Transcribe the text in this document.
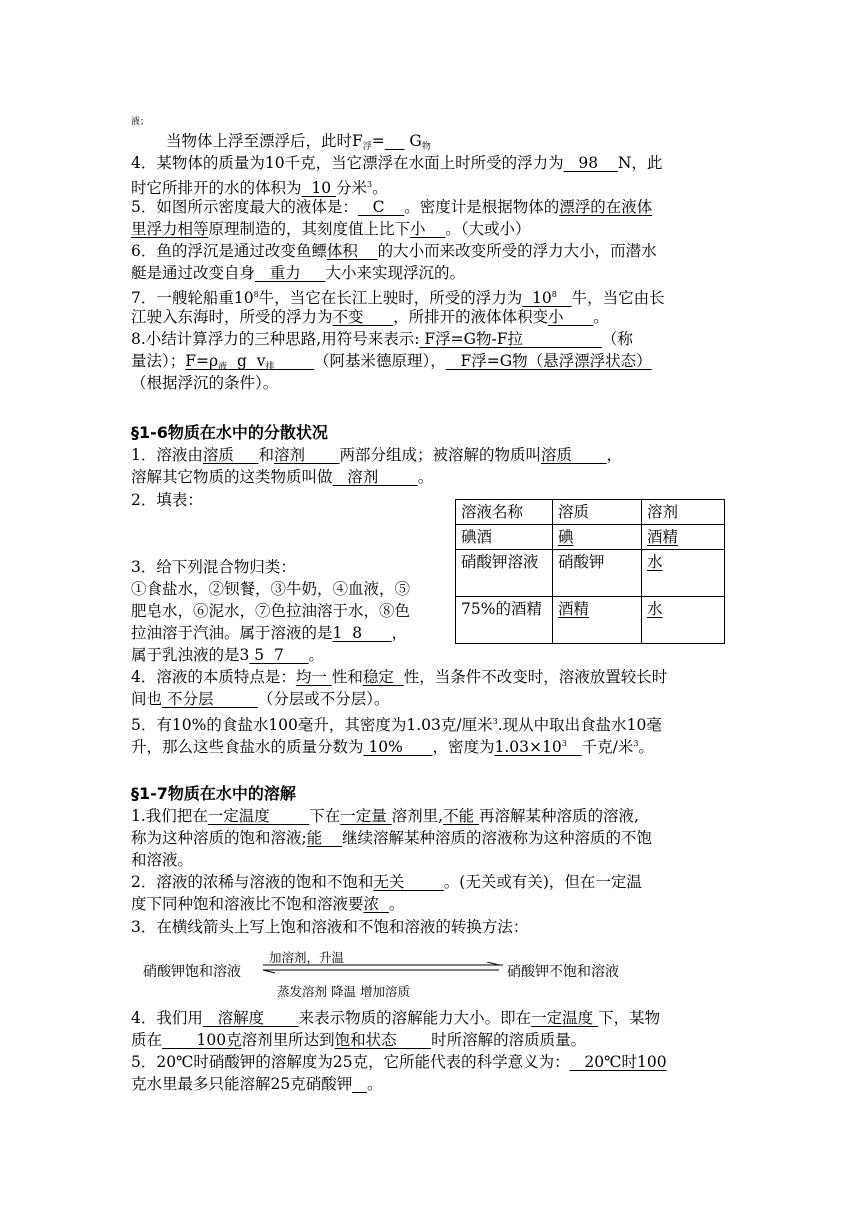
液；
当物体上浮至漂浮后，此时$F_浮=$     $G_物$
4．某物体的质量为10千克，当它漂浮在水面上时所受的浮力为   98    N，此
时它所排开的水的体积为  10 分米$^3$。
5．如图所示密度最大的液体是：   C    。密度计是根据物体的漂浮的在液体
里浮力相等原理制造的，其刻度值上比下小    。（大或小）
6．鱼的浮沉是通过改变鱼鳔体积    的大小而来改变所受的浮力大小，而潜水
艇是通过改变自身   重力     大小来实现浮沉的。
7．一艘轮船重$10^8$牛，当它在长江上驶时，所受的浮力为  $10^8$ 牛，当它由长
江驶入东海时，所受的浮力为不变      ，所排开的液体体积变小      。
8.小结计算浮力的三种思路,用符号来表示: F浮=G物-F拉                （称
量法）；$F=\rho_液$  g  $v_排$	（阿基米德原理），   F浮=G物（悬浮漂浮状态）
（根据浮沉的条件）。
§1-6物质在水中的分散状况
1．溶液由溶质     和溶剂       两部分组成；被溶解的物质叫溶质       ，
溶解其它物质的这类物质叫做   溶剂        。
2．填表：
溶液名称	溶质	溶剂
碘酒	碘	酒精
硝酸钾溶液	硝酸钾	水
75%的酒精	酒精	水
3．给下列混合物归类：
①食盐水，②钡餐，③牛奶，④血液，⑤
肥皂水，⑥泥水，⑦色拉油溶于水，⑧色
拉油溶于汽油。属于溶液的是1  8      ，
属于乳浊液的是3 5  7     。
4．溶液的本质特点是：均一 性和稳定  性，当条件不改变时，溶液放置较长时
间也 不分层         （分层或不分层）。
5．有10%的食盐水100毫升，其密度为1.03克/厘米$^3$.现从中取出食盐水10毫
升，那么这些食盐水的质量分数为 10%      ，密度为$1.03\times 10^3$ 千克/米$^3$。
§1-7物质在水中的溶解
1.我们把在一定温度        下在一定量 溶剂里,不能 再溶解某种溶质的溶液,
称为这种溶质的饱和溶液;能    继续溶解某种溶质的溶液称为这种溶质的不饱
和溶液。
2．溶液的浓稀与溶液的饱和不饱和无关        。(无关或有关)，但在一定温
度下同种饱和溶液比不饱和溶液要浓  。
3．在横线箭头上写上饱和溶液和不饱和溶液的转换方法：
加溶剂，升温
硝酸钾饱和溶液	硝酸钾不饱和溶液
蒸发溶剂 降温 增加溶质
4．我们用   溶解度       来表示物质的溶解能力大小。即在一定温度 下，某物
质在       100克溶剂里所达到饱和状态       时所溶解的溶质质量。
5．20℃时硝酸钾的溶解度为25克，它所能代表的科学意义为：   20℃时100
克水里最多只能溶解25克硝酸钾 。
